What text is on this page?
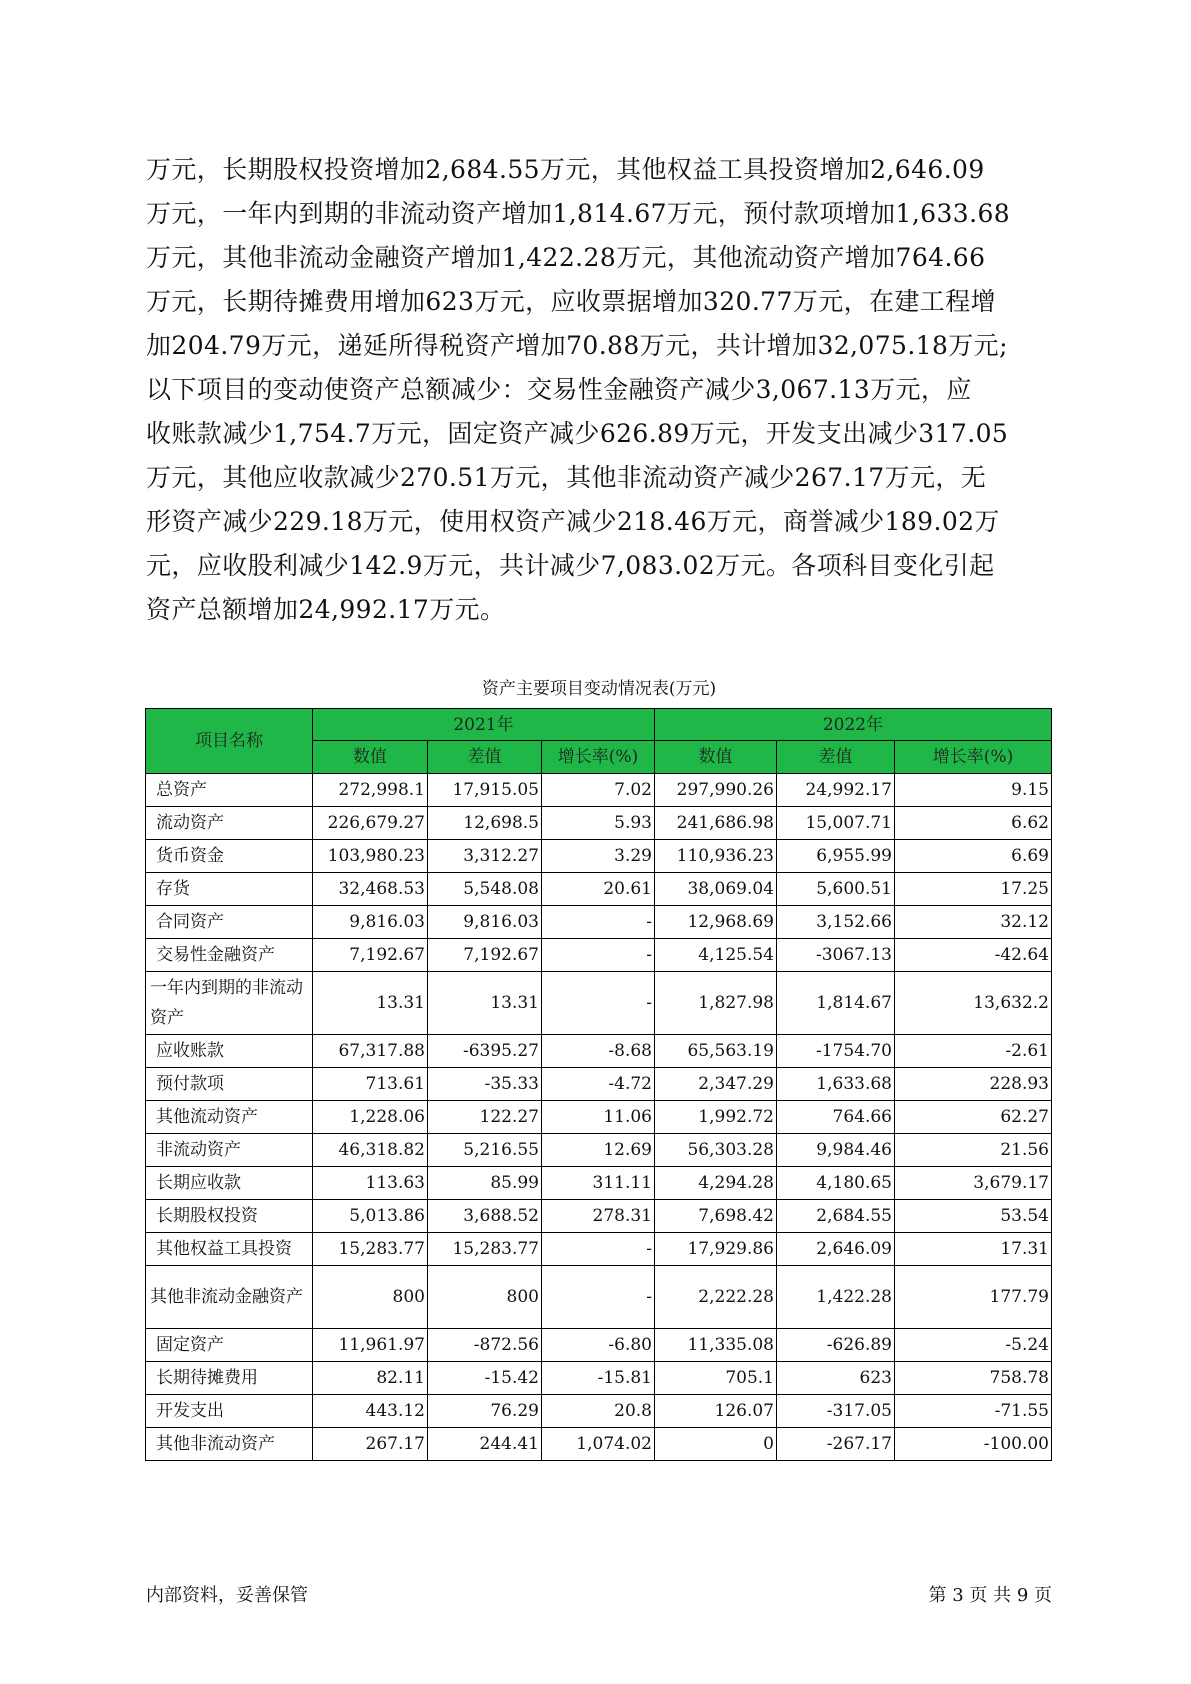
万元，长期股权投资增加2,684.55万元，其他权益工具投资增加2,646.09
万元，一年内到期的非流动资产增加1,814.67万元，预付款项增加1,633.68
万元，其他非流动金融资产增加1,422.28万元，其他流动资产增加764.66
万元，长期待摊费用增加623万元，应收票据增加320.77万元，在建工程增
加204.79万元，递延所得税资产增加70.88万元，共计增加32,075.18万元;
以下项目的变动使资产总额减少：交易性金融资产减少3,067.13万元，应
收账款减少1,754.7万元，固定资产减少626.89万元，开发支出减少317.05
万元，其他应收款减少270.51万元，其他非流动资产减少267.17万元，无
形资产减少229.18万元，使用权资产减少218.46万元，商誉减少189.02万
元，应收股利减少142.9万元，共计减少7,083.02万元。各项科目变化引起
资产总额增加24,992.17万元。
资产主要项目变动情况表(万元)
项目名称	2021年			2022年		
	数值	差值	增长率(%)	数值	差值	增长率(%)
总资产	272,998.1	17,915.05	7.02	297,990.26	24,992.17	9.15
流动资产	226,679.27	12,698.5	5.93	241,686.98	15,007.71	6.62
货币资金	103,980.23	3,312.27	3.29	110,936.23	6,955.99	6.69
存货	32,468.53	5,548.08	20.61	38,069.04	5,600.51	17.25
合同资产	9,816.03	9,816.03	-	12,968.69	3,152.66	32.12
交易性金融资产	7,192.67	7,192.67	-	4,125.54	-3067.13	-42.64
一年内到期的非流动资产	13.31	13.31	-	1,827.98	1,814.67	13,632.2
应收账款	67,317.88	-6395.27	-8.68	65,563.19	-1754.70	-2.61
预付款项	713.61	-35.33	-4.72	2,347.29	1,633.68	228.93
其他流动资产	1,228.06	122.27	11.06	1,992.72	764.66	62.27
非流动资产	46,318.82	5,216.55	12.69	56,303.28	9,984.46	21.56
长期应收款	113.63	85.99	311.11	4,294.28	4,180.65	3,679.17
长期股权投资	5,013.86	3,688.52	278.31	7,698.42	2,684.55	53.54
其他权益工具投资	15,283.77	15,283.77	-	17,929.86	2,646.09	17.31
其他非流动金融资产	800	800	-	2,222.28	1,422.28	177.79
固定资产	11,961.97	-872.56	-6.80	11,335.08	-626.89	-5.24
长期待摊费用	82.11	-15.42	-15.81	705.1	623	758.78
开发支出	443.12	76.29	20.8	126.07	-317.05	-71.55
其他非流动资产	267.17	244.41	1,074.02	0	-267.17	-100.00
内部资料，妥善保管	第 3 页 共 9 页
